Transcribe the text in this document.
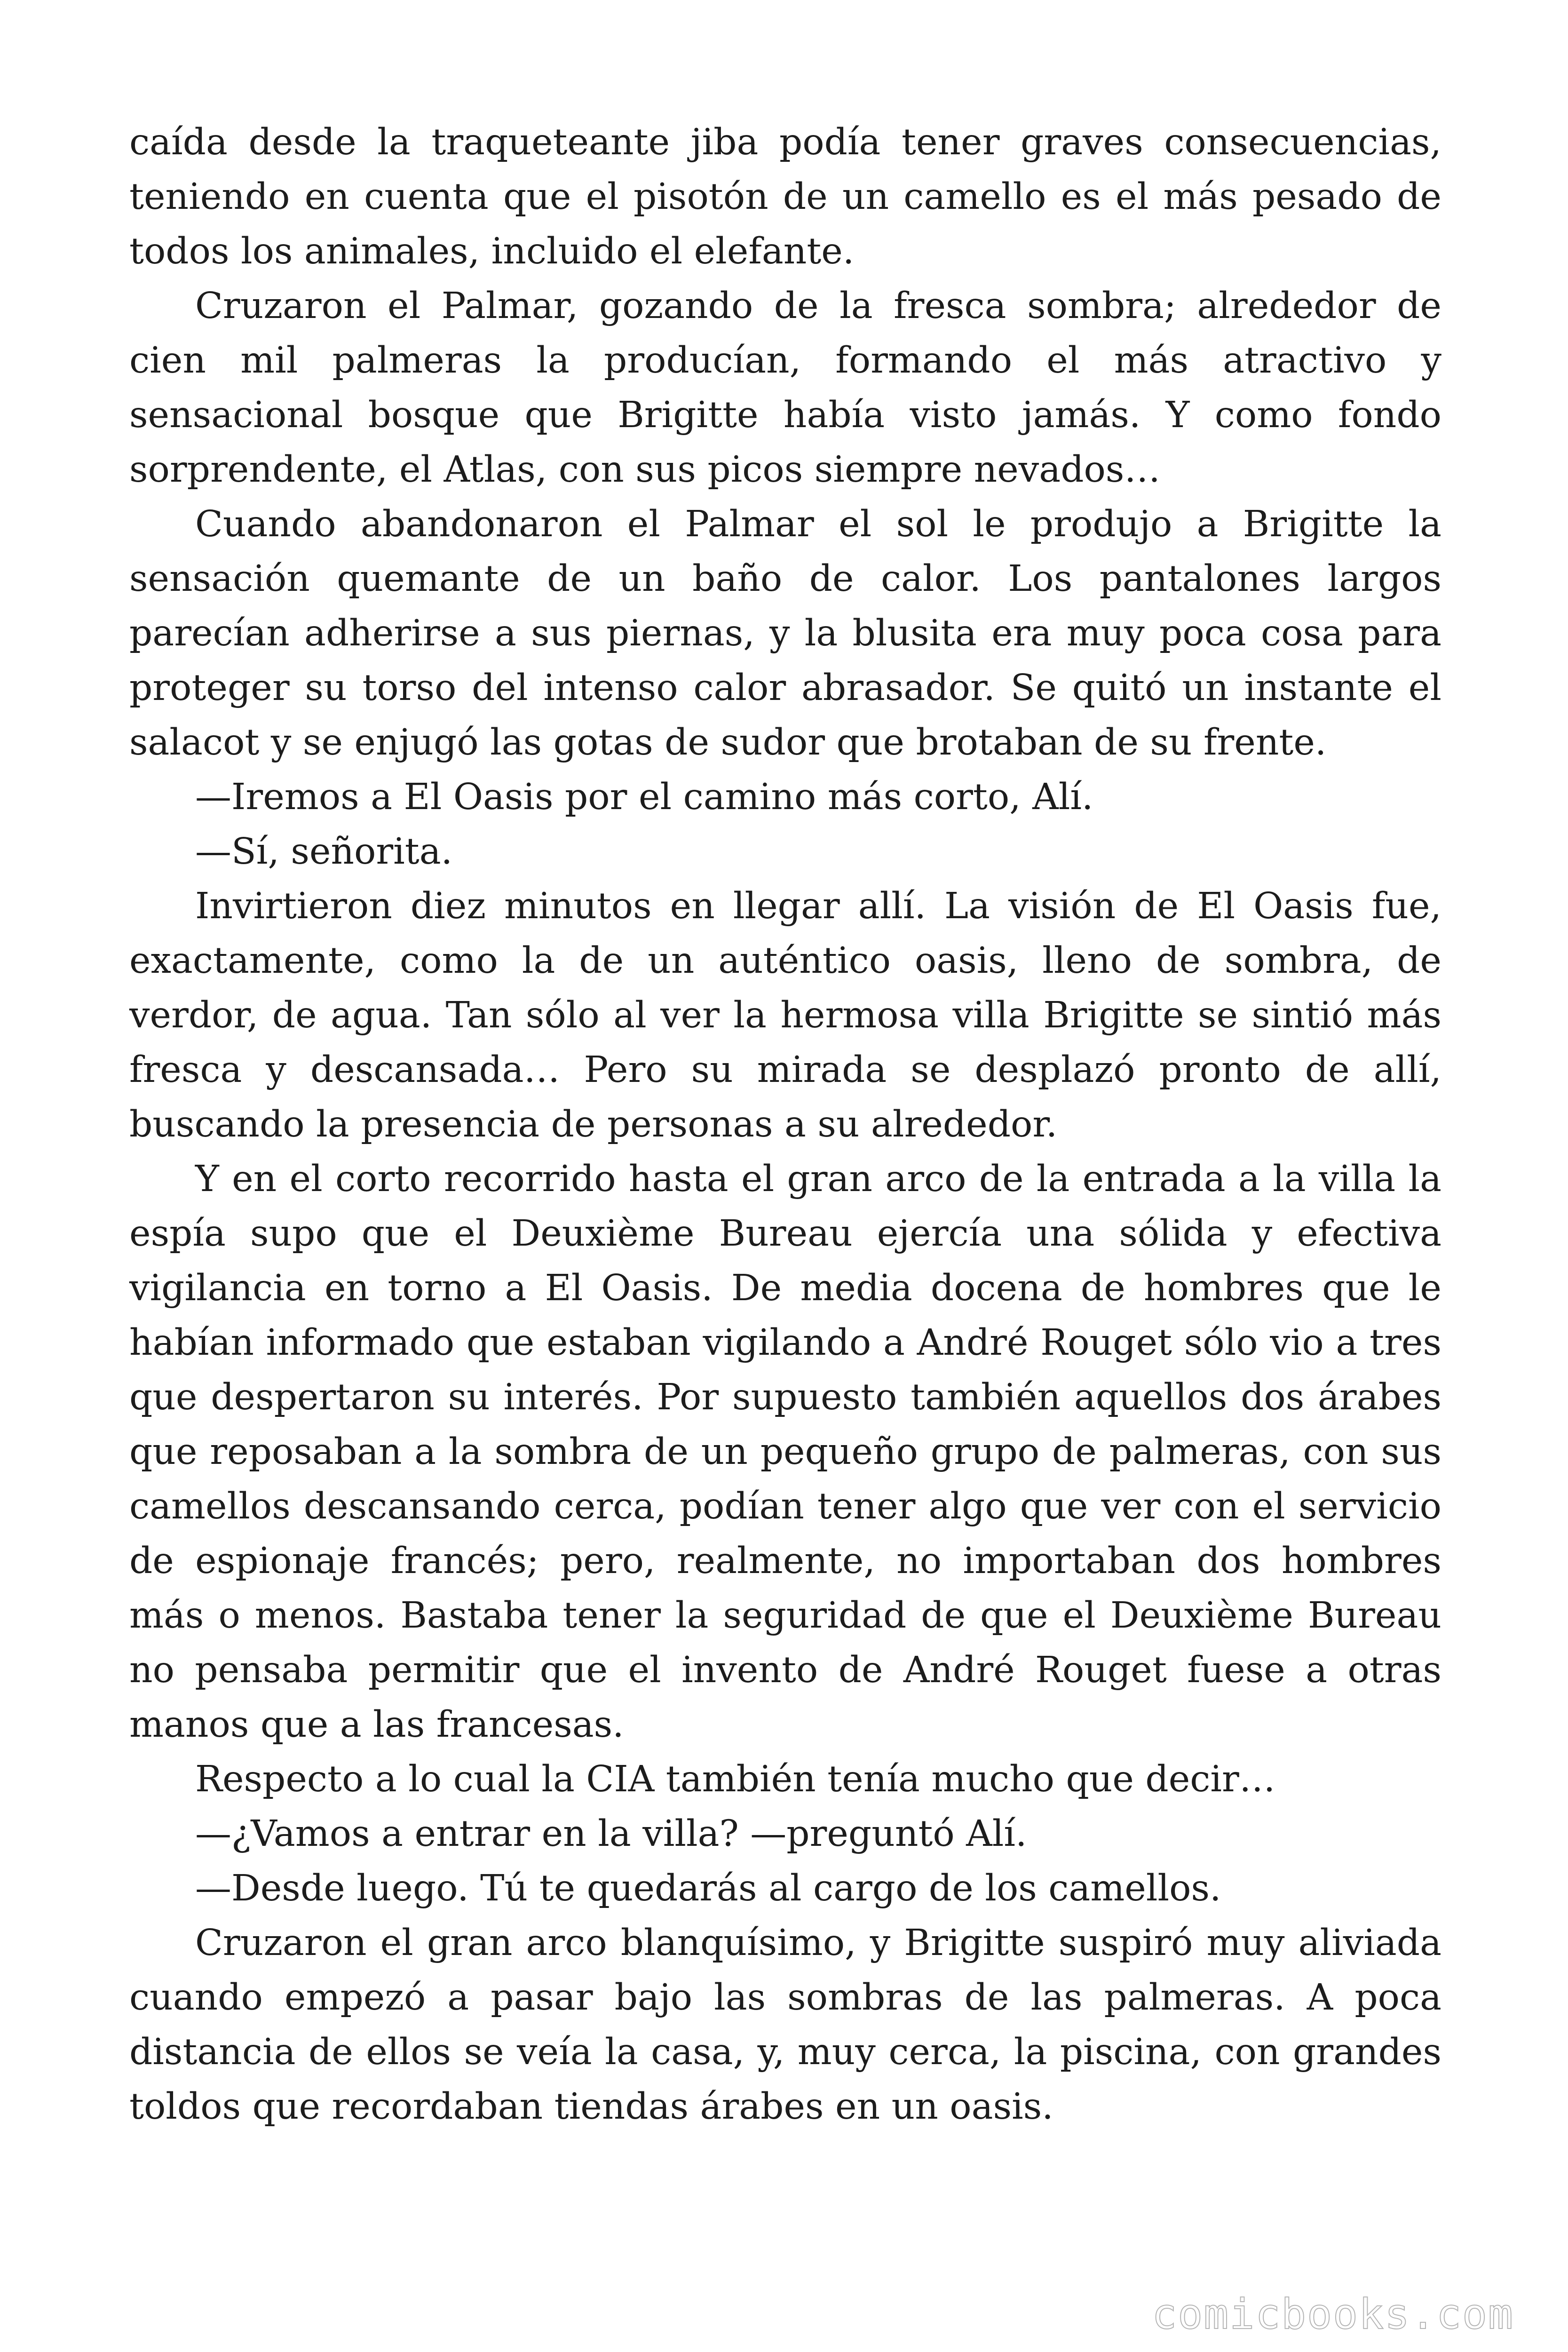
caída desde la traqueteante jiba podía tener graves consecuencias, teniendo en cuenta que el pisotón de un camello es el más pesado de todos los animales, incluido el elefante.

Cruzaron el Palmar, gozando de la fresca sombra; alrededor de cien mil palmeras la producían, formando el más atractivo y sensacional bosque que Brigitte había visto jamás. Y como fondo sorprendente, el Atlas, con sus picos siempre nevados…

Cuando abandonaron el Palmar el sol le produjo a Brigitte la sensación quemante de un baño de calor. Los pantalones largos parecían adherirse a sus piernas, y la blusita era muy poca cosa para proteger su torso del intenso calor abrasador. Se quitó un instante el salacot y se enjugó las gotas de sudor que brotaban de su frente.

—Iremos a El Oasis por el camino más corto, Alí.

—Sí, señorita.

Invirtieron diez minutos en llegar allí. La visión de El Oasis fue, exactamente, como la de un auténtico oasis, lleno de sombra, de verdor, de agua. Tan sólo al ver la hermosa villa Brigitte se sintió más fresca y descansada… Pero su mirada se desplazó pronto de allí, buscando la presencia de personas a su alrededor.

Y en el corto recorrido hasta el gran arco de la entrada a la villa la espía supo que el Deuxième Bureau ejercía una sólida y efectiva vigilancia en torno a El Oasis. De media docena de hombres que le habían informado que estaban vigilando a André Rouget sólo vio a tres que despertaron su interés. Por supuesto también aquellos dos árabes que reposaban a la sombra de un pequeño grupo de palmeras, con sus camellos descansando cerca, podían tener algo que ver con el servicio de espionaje francés; pero, realmente, no importaban dos hombres más o menos. Bastaba tener la seguridad de que el Deuxième Bureau no pensaba permitir que el invento de André Rouget fuese a otras manos que a las francesas.

Respecto a lo cual la CIA también tenía mucho que decir…

—¿Vamos a entrar en la villa? —preguntó Alí.

—Desde luego. Tú te quedarás al cargo de los camellos.

Cruzaron el gran arco blanquísimo, y Brigitte suspiró muy aliviada cuando empezó a pasar bajo las sombras de las palmeras. A poca distancia de ellos se veía la casa, y, muy cerca, la piscina, con grandes toldos que recordaban tiendas árabes en un oasis.

comicbooks.com
